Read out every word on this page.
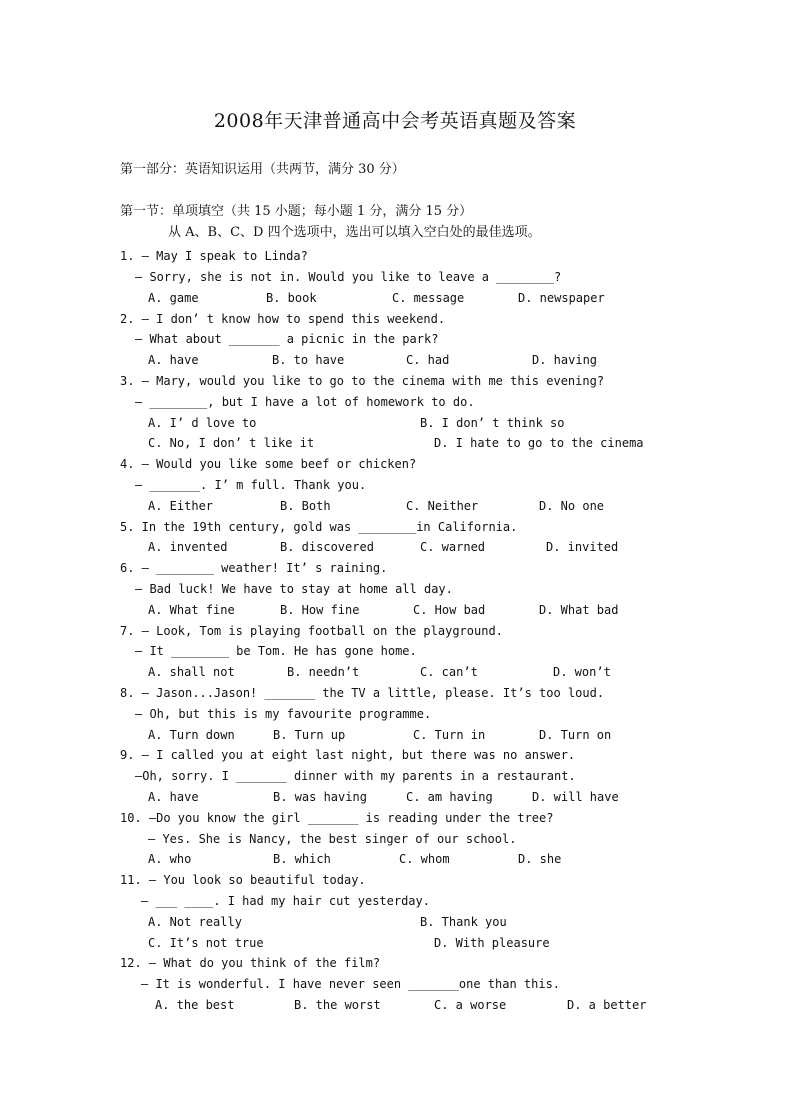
2008年天津普通高中会考英语真题及答案
第一部分：英语知识运用（共两节，满分 30 分）
第一节：单项填空（共 15 小题；每小题 1 分，满分 15 分）
从 A、B、C、D 四个选项中，选出可以填入空白处的最佳选项。
1. — May I speak to Linda?
— Sorry, she is not in. Would you like to leave a ________?
A. game	B. book	C. message	D. newspaper
2. — I don’ t know how to spend this weekend.
— What about _______ a picnic in the park?
A. have	B. to have	C. had	D. having
3. — Mary, would you like to go to the cinema with me this evening?
— ________, but I have a lot of homework to do.
A. I’ d love to	B. I don’ t think so
C. No, I don’ t like it	D. I hate to go to the cinema
4. — Would you like some beef or chicken?
— _______. I’ m full. Thank you.
A. Either	B. Both	C. Neither	D. No one
5. In the 19th century, gold was ________in California.
A. invented	B. discovered	C. warned	D. invited
6. — ________ weather! It’ s raining.
— Bad luck! We have to stay at home all day.
A. What fine	B. How fine	C. How bad	D. What bad
7. — Look, Tom is playing football on the playground.
— It ________ be Tom. He has gone home.
A. shall not	B. needn’t	C. can’t	D. won’t
8. — Jason...Jason! _______ the TV a little, please. It’s too loud.
— Oh, but this is my favourite programme.
A. Turn down	B. Turn up	C. Turn in	D. Turn on
9. — I called you at eight last night, but there was no answer.
—Oh, sorry. I _______ dinner with my parents in a restaurant.
A. have	B. was having	C. am having	D. will have
10. —Do you know the girl _______ is reading under the tree?
— Yes. She is Nancy, the best singer of our school.
A. who	B. which	C. whom	D. she
11. — You look so beautiful today.
— ___ ____. I had my hair cut yesterday.
A. Not really	B. Thank you
C. It’s not true	D. With pleasure
12. — What do you think of the film?
— It is wonderful. I have never seen _______one than this.
A. the best	B. the worst	C. a worse	D. a better
